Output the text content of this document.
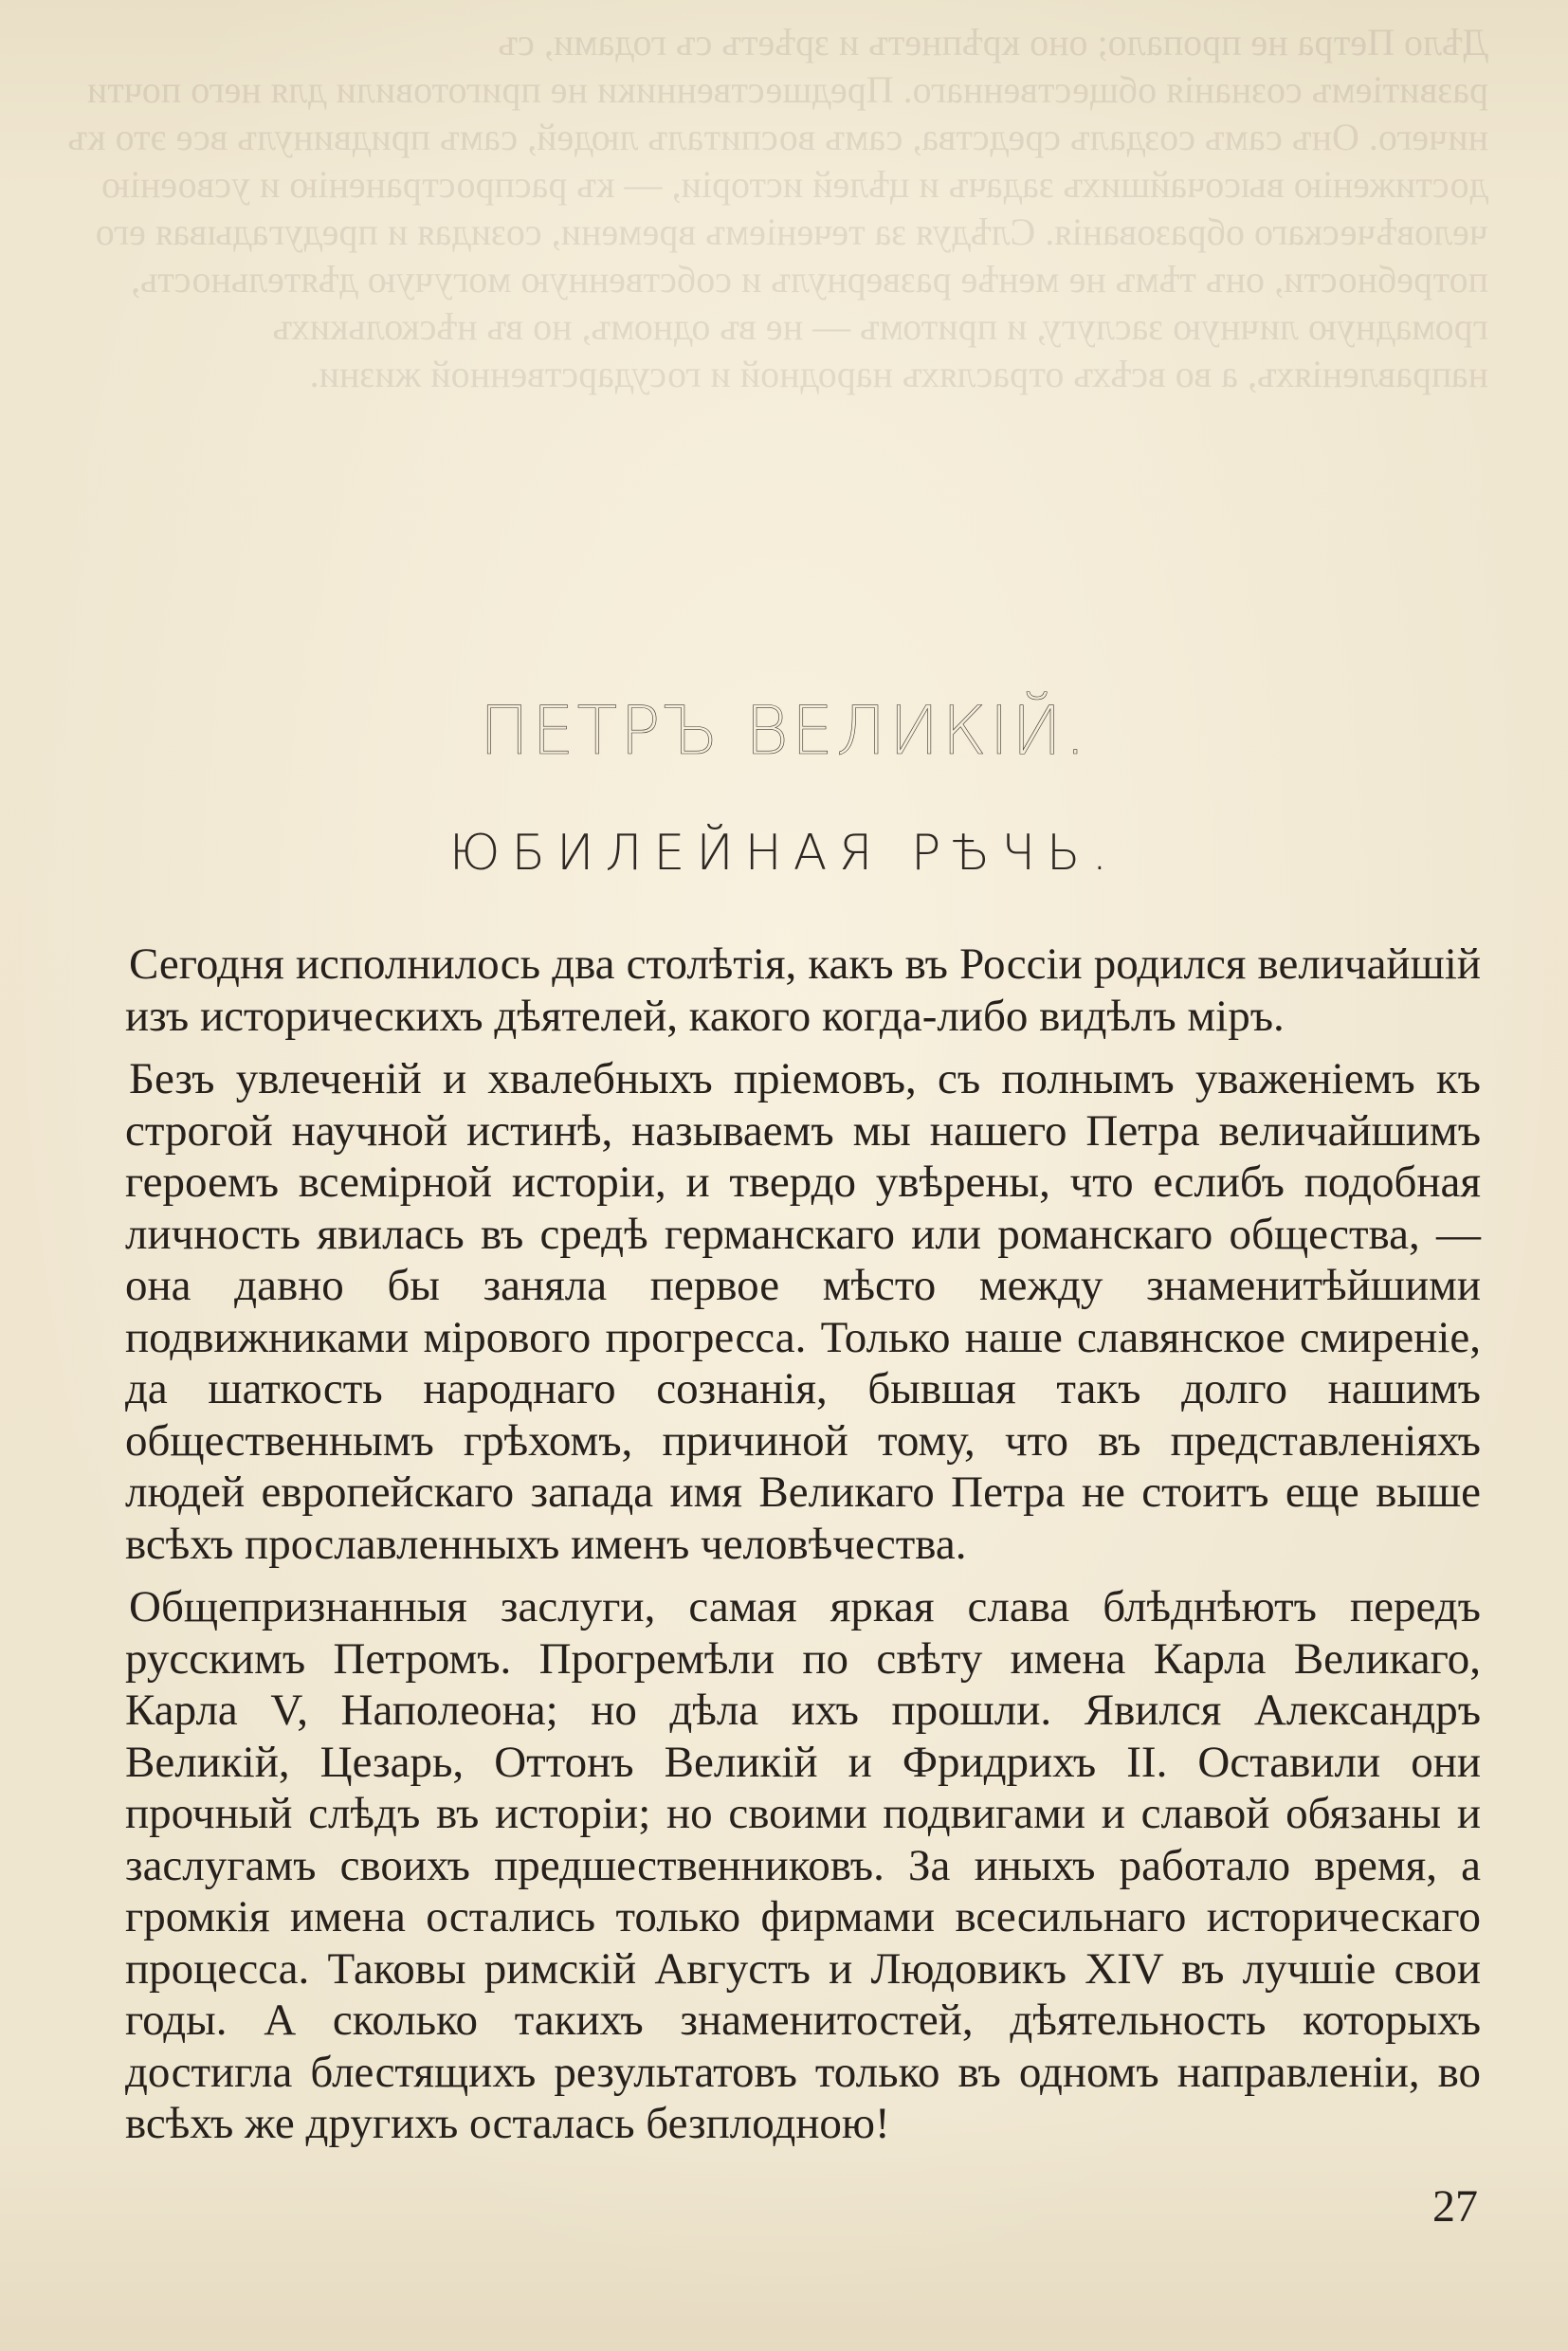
Дѣло Петра не пропало; оно крѣпнетъ и зрѣетъ съ годами, съ
развитіемъ сознанія общественнаго. Предшественники не приготовили для него почти ничего. Онъ самъ создалъ средства, самъ воспиталъ людей, самъ придвинулъ все это къ достиженію высочайшихъ задачъ и цѣлей исторіи, — къ распространенію и усвоенію человѣческаго образованія. Слѣдуя за теченіемъ времени, созидая и предугадывая его потребности, онъ тѣмъ не менѣе развернулъ и собственную могучую дѣятельность, громадную личную заслугу, и притомъ — не въ одномъ, но въ нѣсколькихъ направленіяхъ, а во всѣхъ отрасляхъ народной и государственной жизни.
ПЕТРЪ ВЕЛИКIЙ.
ЮБИЛЕЙНАЯ РѢЧЬ.

Сегодня исполнилось два столѣтія, какъ въ Россіи родился величайшій изъ историческихъ дѣятелей, какого когда-либо видѣлъ міръ.

Безъ увлеченій и хвалебныхъ пріемовъ, съ полнымъ уваженіемъ къ строгой научной истинѣ, называемъ мы нашего Петра величайшимъ героемъ всемірной исторіи, и твердо увѣрены, что еслибъ подобная личность явилась въ средѣ германскаго или романскаго общества, — она давно бы заняла первое мѣсто между знаменитѣйшими подвижниками мірового прогресса. Только наше славянское смиреніе, да шаткость народнаго сознанія, бывшая такъ долго нашимъ общественнымъ грѣхомъ, причиной тому, что въ представленіяхъ людей европейскаго запада имя Великаго Петра не стоитъ еще выше всѣхъ прославленныхъ именъ человѣчества.

Общепризнанныя заслуги, самая яркая слава блѣднѣютъ передъ русскимъ Петромъ. Прогремѣли по свѣту имена Карла Великаго, Карла V, Наполеона; но дѣла ихъ прошли. Явился Александръ Великій, Цезарь, Оттонъ Великій и Фридрихъ II. Оставили они прочный слѣдъ въ исторіи; но своими подвигами и славой обязаны и заслугамъ своихъ предшественниковъ. За иныхъ работало время, а громкія имена остались только фирмами всесильнаго историческаго процесса. Таковы римскій Августъ и Людовикъ XIV въ лучшіе свои годы. А сколько такихъ знаменитостей, дѣятельность которыхъ достигла блестящихъ результатовъ только въ одномъ направленіи, во всѣхъ же другихъ осталась безплодною!

27
